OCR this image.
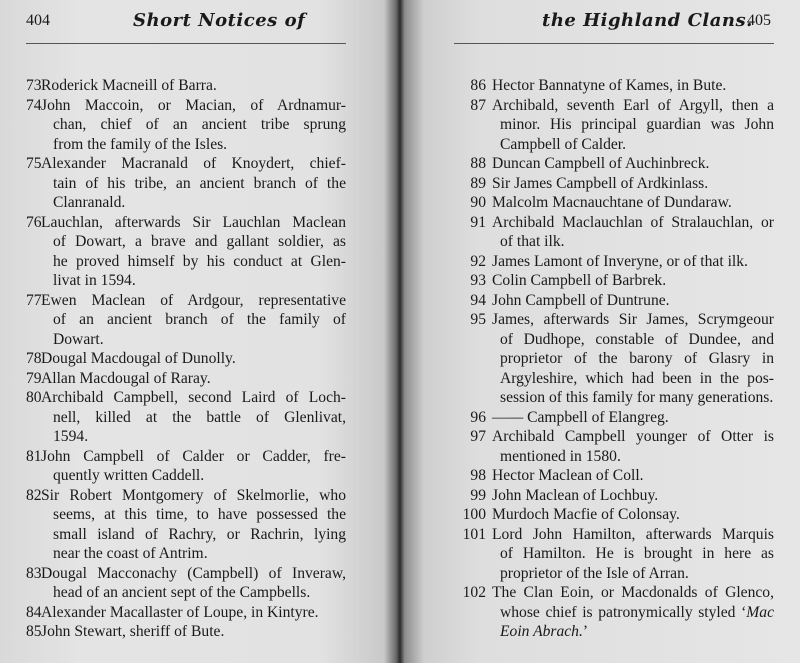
404	Short Notices of
73 Roderick Macneill of Barra.
74 John Maccoin, or Macian, of Ardnamur-
chan, chief of an ancient tribe sprung
from the family of the Isles.
75 Alexander Macranald of Knoydert, chief-
tain of his tribe, an ancient branch of the
Clanranald.
76 Lauchlan, afterwards Sir Lauchlan Maclean
of Dowart, a brave and gallant soldier, as
he proved himself by his conduct at Glen-
livat in 1594.
77 Ewen Maclean of Ardgour, representative
of an ancient branch of the family of
Dowart.
78 Dougal Macdougal of Dunolly.
79 Allan Macdougal of Raray.
80 Archibald Campbell, second Laird of Loch-
nell, killed at the battle of Glenlivat,
1594.
81 John Campbell of Calder or Cadder, fre-
quently written Caddell.
82 Sir Robert Montgomery of Skelmorlie, who
seems, at this time, to have possessed the
small island of Rachry, or Rachrin, lying
near the coast of Antrim.
83 Dougal Macconachy (Campbell) of Inveraw,
head of an ancient sept of the Campbells.
84 Alexander Macallaster of Loupe, in Kintyre.
85 John Stewart, sheriff of Bute.
the Highland Clans.
405
86 Hector Bannatyne of Kames, in Bute.
87 Archibald, seventh Earl of Argyll, then a
minor. His principal guardian was John
Campbell of Calder.
88 Duncan Campbell of Auchinbreck.
89 Sir James Campbell of Ardkinlass.
90 Malcolm Macnauchtane of Dundaraw.
91 Archibald Maclauchlan of Stralauchlan, or
of that ilk.
92 James Lamont of Inveryne, or of that ilk.
93 Colin Campbell of Barbrek.
94 John Campbell of Duntrune.
95 James, afterwards Sir James, Scrymgeour
of Dudhope, constable of Dundee, and
proprietor of the barony of Glasry in
Argyleshire, which had been in the pos-
session of this family for many generations.
96 —— Campbell of Elangreg.
97 Archibald Campbell younger of Otter is
mentioned in 1580.
98 Hector Maclean of Coll.
99 John Maclean of Lochbuy.
100 Murdoch Macfie of Colonsay.
101 Lord John Hamilton, afterwards Marquis
of Hamilton. He is brought in here as
proprietor of the Isle of Arran.
102 The Clan Eoin, or Macdonalds of Glenco,
whose chief is patronymically styled ‘Mac
Eoin Abrach.’
